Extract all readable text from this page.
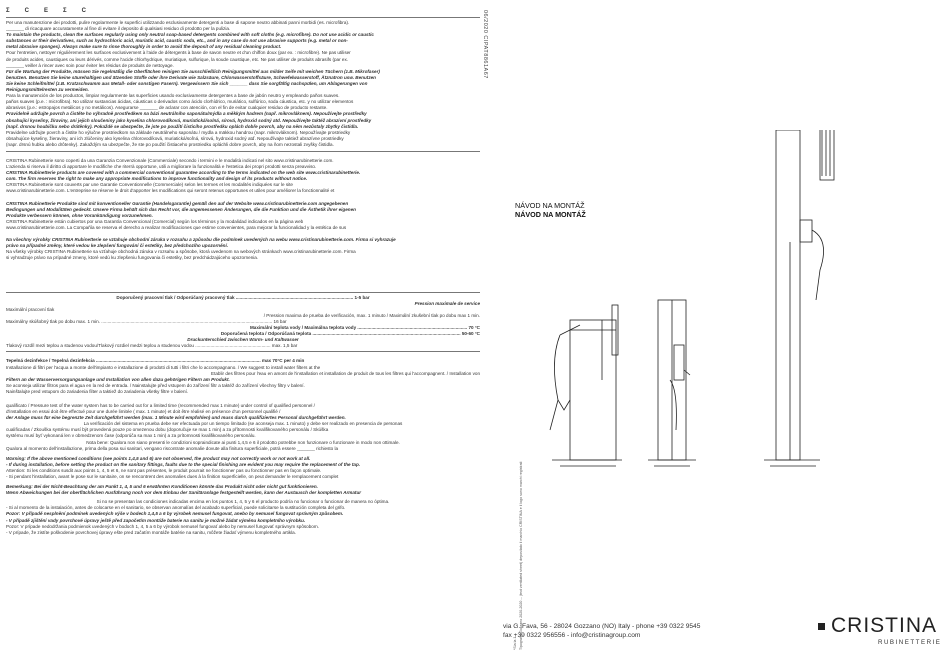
Σ C E Σ C

Per una manutenzione dei prodotti, pulire regolarmente le superfici utilizzando esclusivamente detergenti a base di sapone neutro abbinati panni morbidi (es. microfibra).

_______ di ricacquare accuratamente al fine di evitare il deposito di qualsiasi residuo di prodotto per la pulizia.

To maintain the products, clean the surfaces regularly using only neutral soap-based detergents combined with soft cloths (e.g. microfibre). Do not use acidic or caustic

substances or their derivatives, such as hydrochloric acid, muriatic acid, caustic soda, etc., and in any case do not use abrasive supports (e.g. metal or non-

metal abrasive sponges). Always make sure to rinse thoroughly in order to avoid the deposit of any residual cleaning product.

Pour l'entretien, nettoyer régulièrement les surfaces exclusivement à l'aide de détergents à base de savon neutre et d'un chiffon doux (par ex. : microfibre). Ne pas utiliser

de produits acides, caustiques ou leurs dérivés, comme l'acide chlorhydrique, muriatique, sulfurique, la soude caustique, etc. Ne pas utiliser de produits abrasifs (par ex.

_______ veiller à rincer avec soin pour éviter les résidus de produits de nettoyage.

Für die Wartung der Produkte, müssen Sie regelmäßig die Oberflächen reinigen Sie ausschließlich Reinigungsmittel aus milder Seife mit weichen Tüchern (z.B. Mikrofaser)

benutzen. Benutzen Sie keine säurehaltigen und ätzenden Stoffe oder ihre Derivate wie Salzsäure, Chlorwasserstoffsäure, Schwefelwasserstoff, Ätznatron usw. Benutzen

Sie keine Schleifmittel (z.B. Kratzschwamm aus Metall- oder sonstigen Fasern). Vergewissern Sie sich _______ dass Sie sorgfältig nachspülen, um Ablagerungen von

Reinigungsmittelresten zu vermeiden.

Para la manutención de los productos, limpiar regularmente las superficies usando exclusivamente detergentes a base de jabón neutro y empleando paños suaves.

paños suaves (p.e. : microfibra). No utilizar sustancias ácidas, cáusticas o derivados como ácido clorhídrico, muriático, sulfúrico, soda cáustica, etc. y no utilizar elementos

abrasivos (p.e.: estropajos metálicos y no metálicos). Asegurarse _______ de aclarar con atención, con el fin de evitar cualquier residuo de producto restante.

Pravidelně udržujte povrch a čistěte ho výhradně prostředkem na bázi neutrálního saponátu/mýdla a měkkým hadrem (např. mikrovláknem). Nepoužívejte prostředky

obsahující kyseliny, žíraviny, ani jejich sloučeniny jako kyselina chlorovodíková, muriatická/solná, sírová, hydroxid sodný atd. Nepoužívejte taktéž abrazivní prostředky

(např. drsnou houbičku nebo drátěnky). Pokaždé se ubezpečte, že jste po použití čisticího prostředku oplách dobře povrch, aby na něm nezůstaly zbytky čistidla.

Pravidelne udržujte povrch a čistite ho výlučne prostriedkom na základe neutrálneho saponátu / mydla a mäkkou handrou (napr. mikrovláknom). Nepoužívajte prostriedky

obsahujúce kyseliny, žieraviny, ani ich zlúčeniny ako kyselina chlorovodíková, muriatická/soľná, sírová, hydroxid sodný atď. Nepoužívajte taktiež abrazívne prostriedky

(napr. drsnú hubku alebo drôtenky). Zakaždým sa ubezpečte, že ste po použití čistiaceho prostriedku opláchli dobre povrch, aby na ňom nezostali zvyšky čistidla.

CRISTINA Rubinetterie sono coperti da una Garanzia Convenzionale (Commerciale) secondo i termini e le modalità indicati nel sito www.cristinarubinetterie.com.

L'azienda si riserva il diritto di apportare le modifiche che riterrà opportune, utili a migliorare la funzionalità e l'estetica dei propri prodotti senza preavviso.

CRISTINA Rubinetterie products are covered with a commercial conventional guarantee according to the terms indicated on the web site www.cristinarubinetterie.

com. The firm reserves the right to make any appropriate modifications to improve functionality and design of its products without notice.

CRISTINA Rubinetterie sont couverts par une Garantie Conventionnelle (Commerciale) selon les termes et les modalités indiquées sur le site

www.cristinarubinetterie.com. L'entreprise se réserve le droit d'apporter les modifications qui seront retenus opportunes et utiles pour améliorer la fonctionnalité et

CRISTINA Rubinetterie Produkte sind mit konventioneller Garantie (Handelsgarantie) gemäß den auf der Website www.cristinarubinetterie.com angegebenen

Bedingungen und Modalitäten gedeckt. Unsere Firma behält sich das Recht vor, die angemessenen Änderungen, die die Funktion und die Ästhetik ihrer eigenen

Produkte verbessern können, ohne Vorankündigung vorzunehmen.

CRISTINA Rubinetterie están cubiertos por una Garantía Convencional (Comercial) según los términos y la modalidad indicados en la página web

www.cristinarubinetterie.com. La Compañía se reserva el derecho a realizar modificaciones que estime convenientes, para mejorar la funcionalidad y la estética de sus

Na všechny výrobky CRISTINA Rubinetterie se vztahuje obchodní záruka v rozsahu a způsobu dle podmínek uvedených na webu www.cristinarubinetterie.com. Firma si vyhrazuje

právo na případné změny, které vedou ke zlepšení fungování či estetiky, bez předchozího upozornění.

Na všetky výrobky CRISTINA Rubinetterie sa vzťahuje obchodná záruka v rozsahu a spôsobe, ktorá uvedenom na webových stránkach www.cristinarubinetterie.com. Firma

si vyhradzuje právo na prípadné zmeny, ktoré vedú ku zlepšeniu fungovania či estetiky, bez predchádzajúceho upozornenia.

Doporučený pracovní tlak / Odporúčaný pracovný tlak ............................................................................................ 1-5 bar

Pression maximale de service

Maximální pracovní tlak

/ Pression maxima de prueba de verificación, max. 1 minuto / Maximální zkušební tlak po dobu max 1 min.

Maximálny skúšobný tlak po dobu max. 1 min. ...................................................................................................................................... 16 bar

Maximální teplota vody / Maximálna teplota vody ...................................................................................... 70 °C

Doporučená teplota / Odporúčaná teplota .................................................................................................................... 50-60 °C

Druckunterschied zwischen Warm- und Kaltwasser

Tlakový rozdíl mezi teplou a studenou vodou/Tlakový rozdiel medzi teplou a studenou vodou ........................................................... max. 1,5 bar

Tepelná dezinfekce / Tepelná dezinfekcia ................................................................................................................................. max 70°C per 4 min

Installazione di filtri per l'acqua a monte dell'impianto e installazione di prodotti di tutti i filtri che lo accompagnano. / We suggest to install water filters at the

Etablir des filtres pour l'eau en amont de l'installation et installation de produit de tous les filtres qui l'accompagnent. / Installation von

Filtern an der Wasserversorgungsanlage und Installation von allen dazu gehörigen Filtern am Produkt.

Se aconseja utilizar filtros para el agua en la red de entrada. / Nainstalujte před vstupem do zařízení filtr a taktéž do zařízení všechny filtry v balení.

Nainštalujte pred vstupom do zariadenia filter a taktiež do zariadenia všetky filtre v balení.

qualificato / Pressure test of the water system has to be carried out for a limited time (recommended max 1 minute) under control of qualified personnel /

d'installation en essai doit être effectué pour une durée limitée ( max. 1 minute) et doit être réalisé en présence d'un personnel qualifié /

der Anlage muss für eine begrenzte Zeit durchgeführt werden (max. 1 Minute wird empfohlen) und muss durch qualifiziertes Personal durchgeführt werden.

La verificación del sistema en prueba debe ser efectuada por un tiempo limitado (se aconseja max. 1 minuto) y debe ser realizado en presencia de personas

cualificadas / Zkouška systému musí být provedená pouze po omezenou dobu (doporučuje se max 1 min) a za přítomnosti kvalifikovaného personálu / Skúška

systému musí byť vykonaná len v obmedzenom čase (odporúča sa max 1 min) a za prítomnosti kvalifikovaného personálu.

Nota bene: Qualora non siano presenti le condizioni sopraindicate ai punti 1,4,5 e 6 il prodotto potrebbe non funzionare o funzionare in modo non ottimale.

Qualora al momento dell'installazione, prima della posa sui sanitari, vengano riscontrate anomalie dovute alla finitura superficiale, potrà essere _______ richiesto la

Warning: If the above mentioned conditions (see points 1,4,5 and 6) are not observed, the product may not correctly work or not work at all.

- If during installation, before setting the product on the sanitary fittings, faults due to the special finishing are evident you may require the replacement of the tap.

Attention: Si les conditions susdit aux points 1, 4, 5 et 6, ne sont pas présentes, le produit pourrait ne fonctionner pas ou fonctionner pas en façon optimale.

- Si pendant l'installation, avant le pose sur le sanitaire, on se rencontrent des anomalies dues à la finition superficielle, on peut demander le remplacement complet

Bemerkung: Bei der Nicht-Beachtung der am Punkt 1, 4, 5 und 6 erwähnten Konditionen könnte das Produkt nicht oder nicht gut funktionieren.

Wenn Abweichungen bei der oberflächlichen Ausführung noch vor dem Einbau der Sanitäranlage festgestellt werden, kann der Austausch der kompletten Armatur

Si no se presentan las condiciones indicadas encima en los puntos 1, 4, 5 y 6 el producto podría no funcionar o funcionar de manera no óptima.

- Si al momento de la instalación, antes de colocarse en el sanitario, se observan anomalías del acabado superficial, puede solicitarse la sustitución completa del grifo.

Pozor: V případě nesplnění podmínek uvedených výše v bodech 1,4,5 a 6 by výrobek nemusel fungovat, anebo by nemusel fungovat správným způsobem.

- V případě zjištění vady povrchové úpravy ještě před započetím montáže baterie na sanitu je možné žádat výměnu kompletního výrobku.

Pozor: V prípade nedodržania podmienok uvedených v bodoch 1, 4, 5 a 6 by výrobok nemusel fungovať alebo by nemusel fungovať správnym spôsobom.

- V prípade, že zistíte poškodenie povrchovej úpravy ešte pred začatím montáže batérie na sanitu, môžete žiadať výmenu kompletného artikla.

06/2020 CIPAT8861A67
Tipografia Gozzano 2020-2020 -- (text ventilated sheet) depositato il marchio CRISTINA e il logo sono marchi registrati
*Sia la 1.
NÁVOD NA MONTÁŽ
NÁVOD NA MONTÁŽ
via G. Fava, 56 - 28024 Gozzano (NO) Italy - phone +39 0322 9545
fax +39 0322 956556 - info@cristinagroup.com	CRISTINA
RUBINETTERIE
